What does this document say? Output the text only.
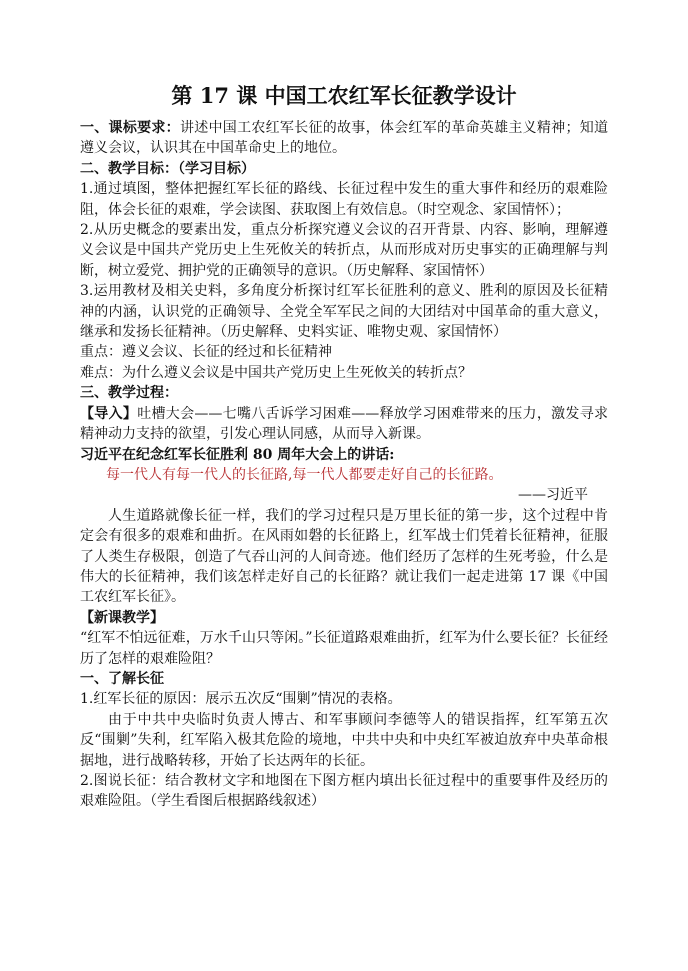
第 17 课 中国工农红军长征教学设计

一、课标要求：讲述中国工农红军长征的故事，体会红军的革命英雄主义精神；知道遵义会议，认识其在中国革命史上的地位。

二、教学目标：（学习目标）

1.通过填图，整体把握红军长征的路线、长征过程中发生的重大事件和经历的艰难险阻，体会长征的艰难，学会读图、获取图上有效信息。（时空观念、家国情怀）；

2.从历史概念的要素出发，重点分析探究遵义会议的召开背景、内容、影响，理解遵义会议是中国共产党历史上生死攸关的转折点，从而形成对历史事实的正确理解与判断，树立爱党、拥护党的正确领导的意识。（历史解释、家国情怀）

3.运用教材及相关史料，多角度分析探讨红军长征胜利的意义、胜利的原因及长征精神的内涵，认识党的正确领导、全党全军军民之间的大团结对中国革命的重大意义，继承和发扬长征精神。（历史解释、史料实证、唯物史观、家国情怀）

重点：遵义会议、长征的经过和长征精神

难点：为什么遵义会议是中国共产党历史上生死攸关的转折点？

三、教学过程：

【导入】吐槽大会——七嘴八舌诉学习困难——释放学习困难带来的压力，激发寻求精神动力支持的欲望，引发心理认同感，从而导入新课。

习近平在纪念红军长征胜利 80 周年大会上的讲话:

每一代人有每一代人的长征路,每一代人都要走好自己的长征路。

——习近平

人生道路就像长征一样，我们的学习过程只是万里长征的第一步，这个过程中肯定会有很多的艰难和曲折。在风雨如磐的长征路上，红军战士们凭着长征精神，征服了人类生存极限，创造了气吞山河的人间奇迹。他们经历了怎样的生死考验，什么是伟大的长征精神，我们该怎样走好自己的长征路？就让我们一起走进第 17 课《中国工农红军长征》。

【新课教学】

“红军不怕远征难，万水千山只等闲。”长征道路艰难曲折，红军为什么要长征？长征经历了怎样的艰难险阻？

一、了解长征

1.红军长征的原因：展示五次反“围剿”情况的表格。

由于中共中央临时负责人博古、和军事顾问李德等人的错误指挥，红军第五次反“围剿”失利，红军陷入极其危险的境地，中共中央和中央红军被迫放弃中央革命根据地，进行战略转移，开始了长达两年的长征。

2.图说长征：结合教材文字和地图在下图方框内填出长征过程中的重要事件及经历的艰难险阻。（学生看图后根据路线叙述）
